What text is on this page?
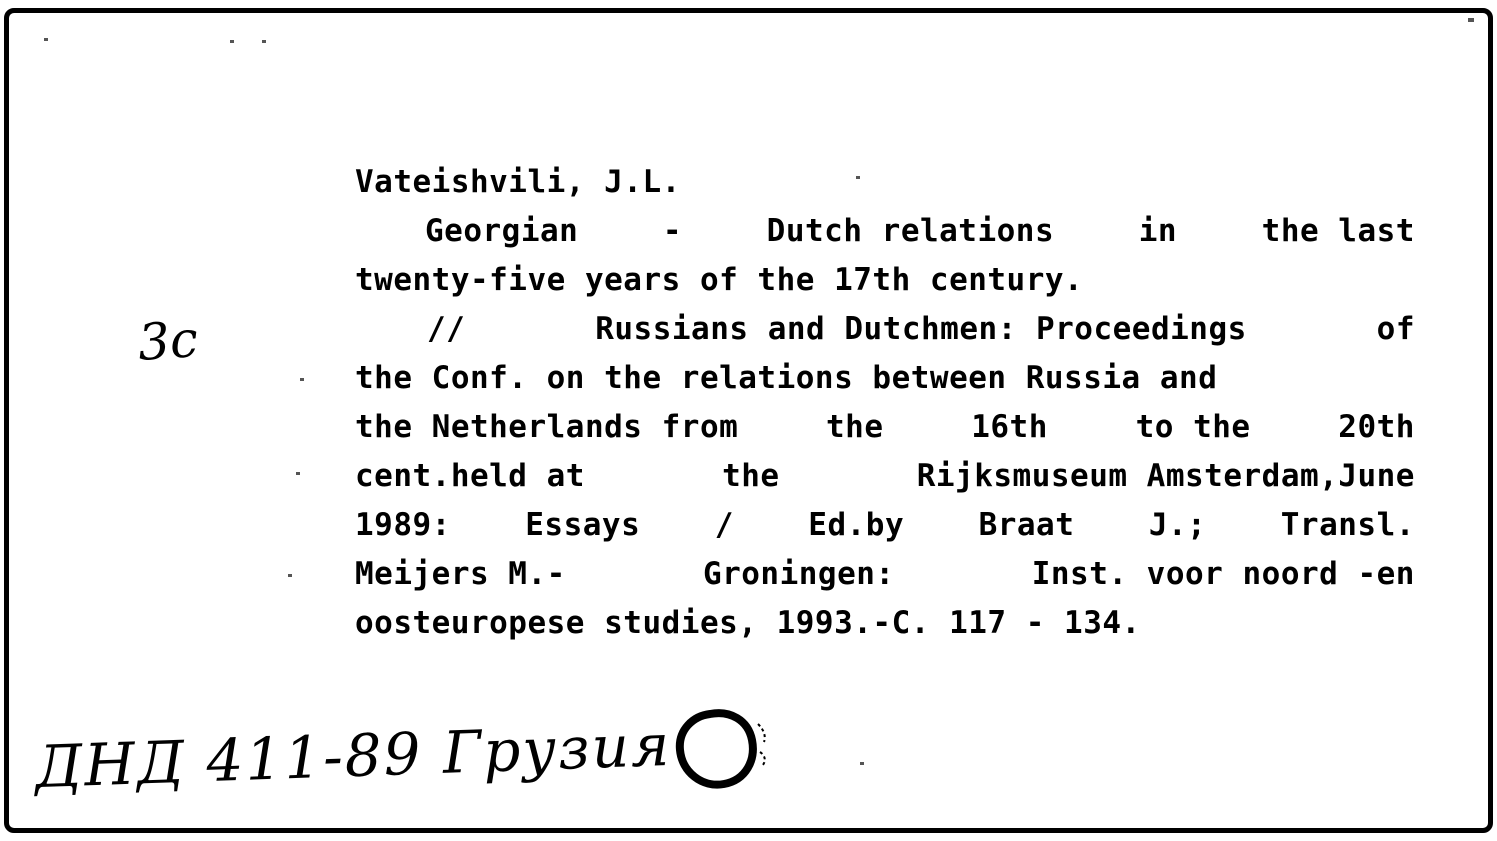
Vateishvili, J.L.
Georgian	-	Dutch relations	in	the last
twenty-five years of the 17th century.
//	Russians and Dutchmen: Proceedings	of
the Conf. on the relations between Russia and
the Netherlands from	the	16th	to the	20th
cent.held at	the	Rijksmuseum Amsterdam,June
1989: Essays / Ed.by Braat J.; Transl.
Meijers M.-	Groningen:	Inst. voor noord -en
oosteuropese studies, 1993.-C. 117 - 134.
3c
ДНД 411-89 Грузия
